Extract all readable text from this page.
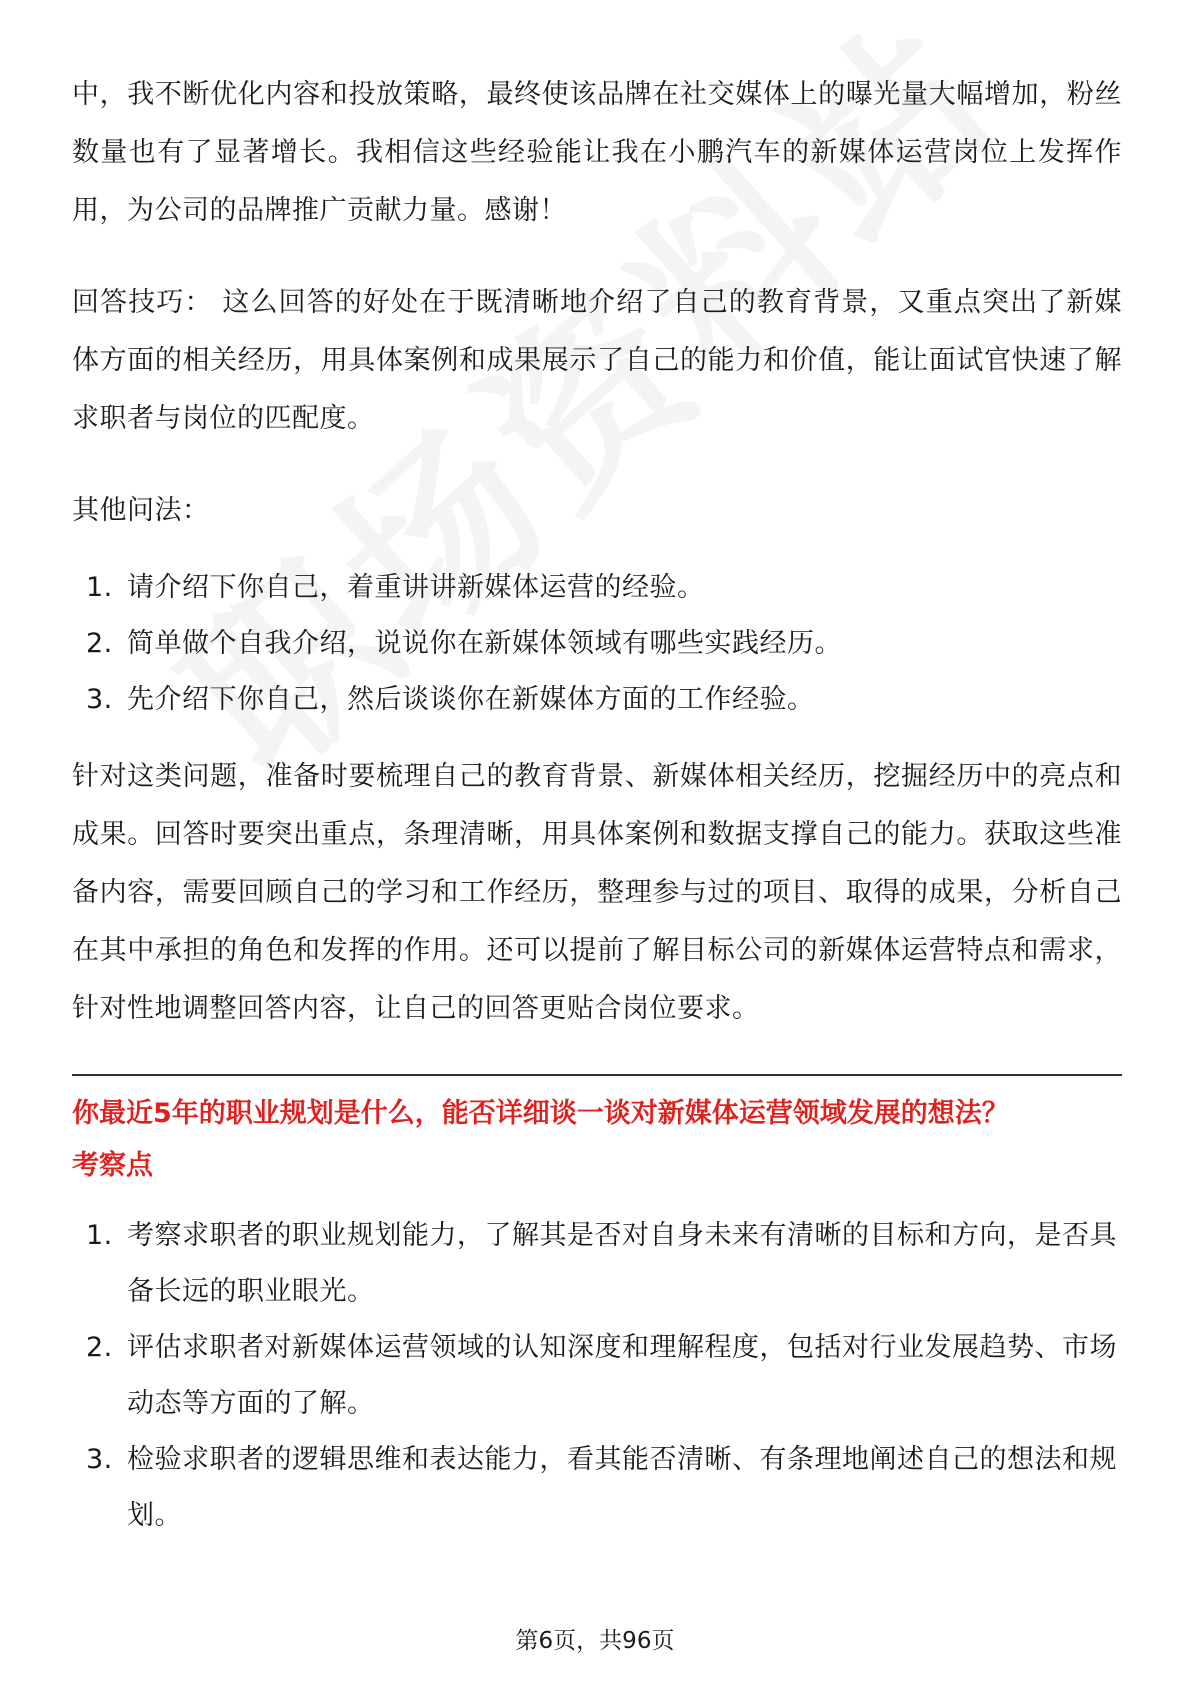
中，我不断优化内容和投放策略，最终使该品牌在社交媒体上的曝光量大幅增加，粉丝数量也有了显著增长。我相信这些经验能让我在小鹏汽车的新媒体运营岗位上发挥作用，为公司的品牌推广贡献力量。感谢！

回答技巧： 这么回答的好处在于既清晰地介绍了自己的教育背景，又重点突出了新媒体方面的相关经历，用具体案例和成果展示了自己的能力和价值，能让面试官快速了解求职者与岗位的匹配度。

其他问法：

1. 请介绍下你自己，着重讲讲新媒体运营的经验。
2. 简单做个自我介绍，说说你在新媒体领域有哪些实践经历。
3. 先介绍下你自己，然后谈谈你在新媒体方面的工作经验。

针对这类问题，准备时要梳理自己的教育背景、新媒体相关经历，挖掘经历中的亮点和成果。回答时要突出重点，条理清晰，用具体案例和数据支撑自己的能力。获取这些准备内容，需要回顾自己的学习和工作经历，整理参与过的项目、取得的成果，分析自己在其中承担的角色和发挥的作用。还可以提前了解目标公司的新媒体运营特点和需求，针对性地调整回答内容，让自己的回答更贴合岗位要求。

你最近5年的职业规划是什么，能否详细谈一谈对新媒体运营领域发展的想法？

考察点

1. 考察求职者的职业规划能力，了解其是否对自身未来有清晰的目标和方向，是否具备长远的职业眼光。
2. 评估求职者对新媒体运营领域的认知深度和理解程度，包括对行业发展趋势、市场动态等方面的了解。
3. 检验求职者的逻辑思维和表达能力，看其能否清晰、有条理地阐述自己的想法和规划。
第6页，共96页
